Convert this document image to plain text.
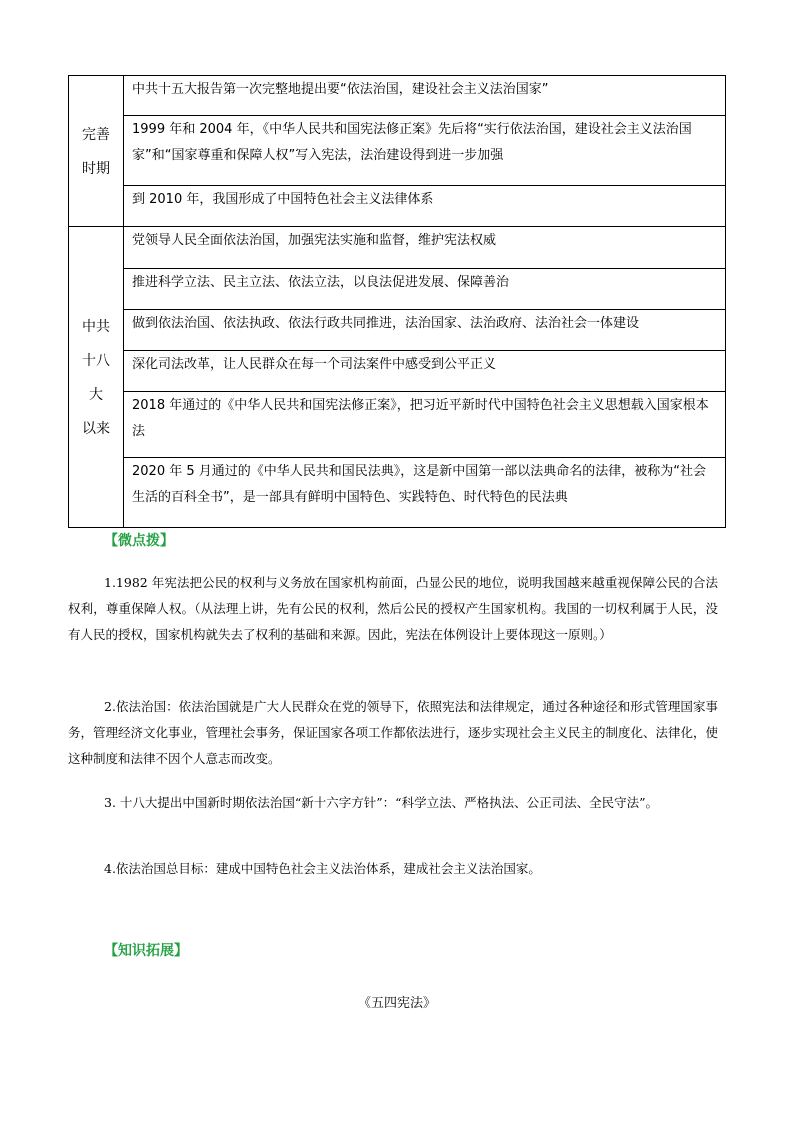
完善
时期	中共十五大报告第一次完整地提出要“依法治国，建设社会主义法治国家”
	1999 年和 2004 年，《中华人民共和国宪法修正案》先后将“实行依法治国，建设社会主义法治国家”和“国家尊重和保障人权”写入宪法，法治建设得到进一步加强
	到 2010 年，我国形成了中国特色社会主义法律体系

中共
十八
大
以来	党领导人民全面依法治国，加强宪法实施和监督，维护宪法权威
	推进科学立法、民主立法、依法立法，以良法促进发展、保障善治
	做到依法治国、依法执政、依法行政共同推进，法治国家、法治政府、法治社会一体建设
	深化司法改革，让人民群众在每一个司法案件中感受到公平正义
	2018 年通过的《中华人民共和国宪法修正案》，把习近平新时代中国特色社会主义思想载入国家根本法
	2020 年 5 月通过的《中华人民共和国民法典》，这是新中国第一部以法典命名的法律，被称为“社会生活的百科全书”，是一部具有鲜明中国特色、实践特色、时代特色的民法典
【微点拨】
1.1982 年宪法把公民的权利与义务放在国家机构前面，凸显公民的地位，说明我国越来越重视保障公民的合法权利，尊重保障人权。（从法理上讲，先有公民的权利，然后公民的授权产生国家机构。我国的一切权利属于人民，没有人民的授权，国家机构就失去了权利的基础和来源。因此，宪法在体例设计上要体现这一原则。）
2.依法治国：依法治国就是广大人民群众在党的领导下，依照宪法和法律规定，通过各种途径和形式管理国家事务，管理经济文化事业，管理社会事务，保证国家各项工作都依法进行，逐步实现社会主义民主的制度化、法律化，使这种制度和法律不因个人意志而改变。
3. 十八大提出中国新时期依法治国“新十六字方针”：“科学立法、严格执法、公正司法、全民守法”。
4.依法治国总目标：建成中国特色社会主义法治体系，建成社会主义法治国家。
【知识拓展】
《五四宪法》
